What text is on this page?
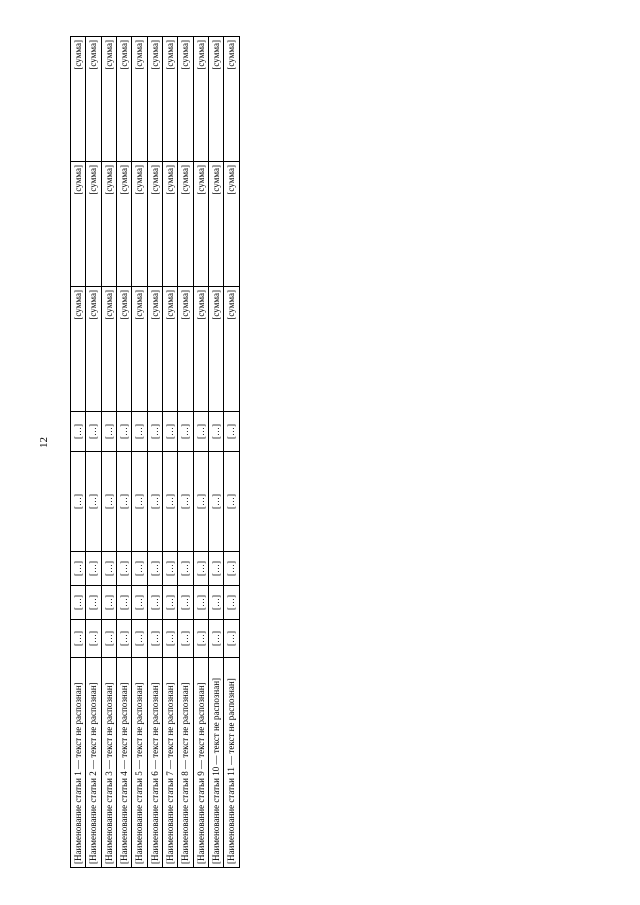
12
[Наименование статьи 1 — текст не распознан]	[…]	[…]	[…]	[…]	[…]	[сумма]	[сумма]	[сумма]
[Наименование статьи 2 — текст не распознан]	[…]	[…]	[…]	[…]	[…]	[сумма]	[сумма]	[сумма]
[Наименование статьи 3 — текст не распознан]	[…]	[…]	[…]	[…]	[…]	[сумма]	[сумма]	[сумма]
[Наименование статьи 4 — текст не распознан]	[…]	[…]	[…]	[…]	[…]	[сумма]	[сумма]	[сумма]
[Наименование статьи 5 — текст не распознан]	[…]	[…]	[…]	[…]	[…]	[сумма]	[сумма]	[сумма]
[Наименование статьи 6 — текст не распознан]	[…]	[…]	[…]	[…]	[…]	[сумма]	[сумма]	[сумма]
[Наименование статьи 7 — текст не распознан]	[…]	[…]	[…]	[…]	[…]	[сумма]	[сумма]	[сумма]
[Наименование статьи 8 — текст не распознан]	[…]	[…]	[…]	[…]	[…]	[сумма]	[сумма]	[сумма]
[Наименование статьи 9 — текст не распознан]	[…]	[…]	[…]	[…]	[…]	[сумма]	[сумма]	[сумма]
[Наименование статьи 10 — текст не распознан]	[…]	[…]	[…]	[…]	[…]	[сумма]	[сумма]	[сумма]
[Наименование статьи 11 — текст не распознан]	[…]	[…]	[…]	[…]	[…]	[сумма]	[сумма]	[сумма]
